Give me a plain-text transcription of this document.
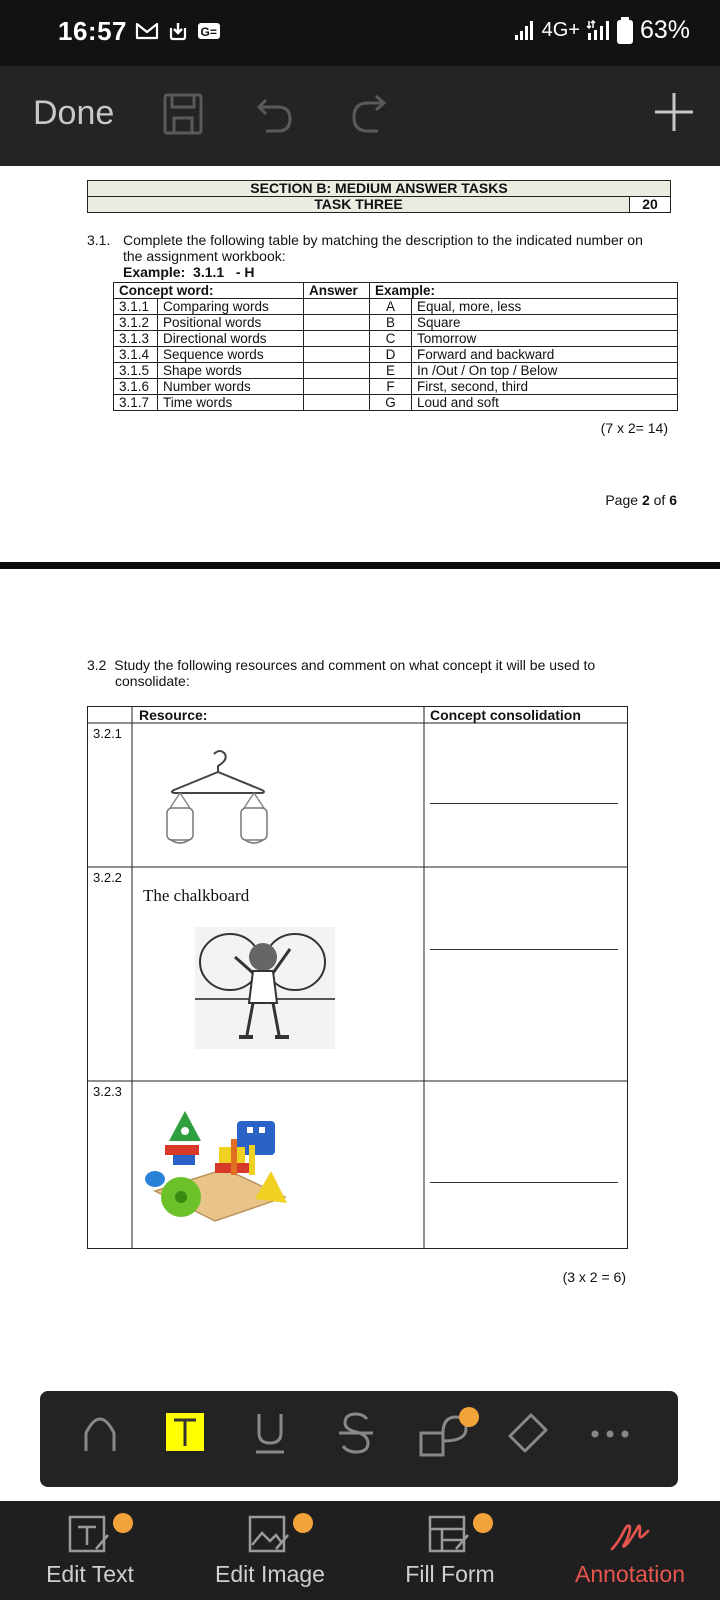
16:57	G=	4G+ 63%
Done
SECTION B: MEDIUM ANSWER TASKS
TASK THREE	20
3.1. Complete the following table by matching the description to the indicated number on
the assignment workbook:
Example:  3.1.1   - H
Concept word:		Answer	Example:	
3.1.1	Comparing words		A	Equal, more, less
3.1.2	Positional words		B	Square
3.1.3	Directional words		C	Tomorrow
3.1.4	Sequence words		D	Forward and backward
3.1.5	Shape words		E	In /Out / On top / Below
3.1.6	Number words		F	First, second, third
3.1.7	Time words		G	Loud and soft
(7 x 2= 14)
Page 2 of 6
3.2  Study the following resources and comment on what concept it will be used to
consolidate:
Resource:	Concept consolidation
3.2.1
3.2.2
The chalkboard
3.2.3
(3 x 2 = 6)
Edit Text	Edit Image	Fill Form	Annotation
